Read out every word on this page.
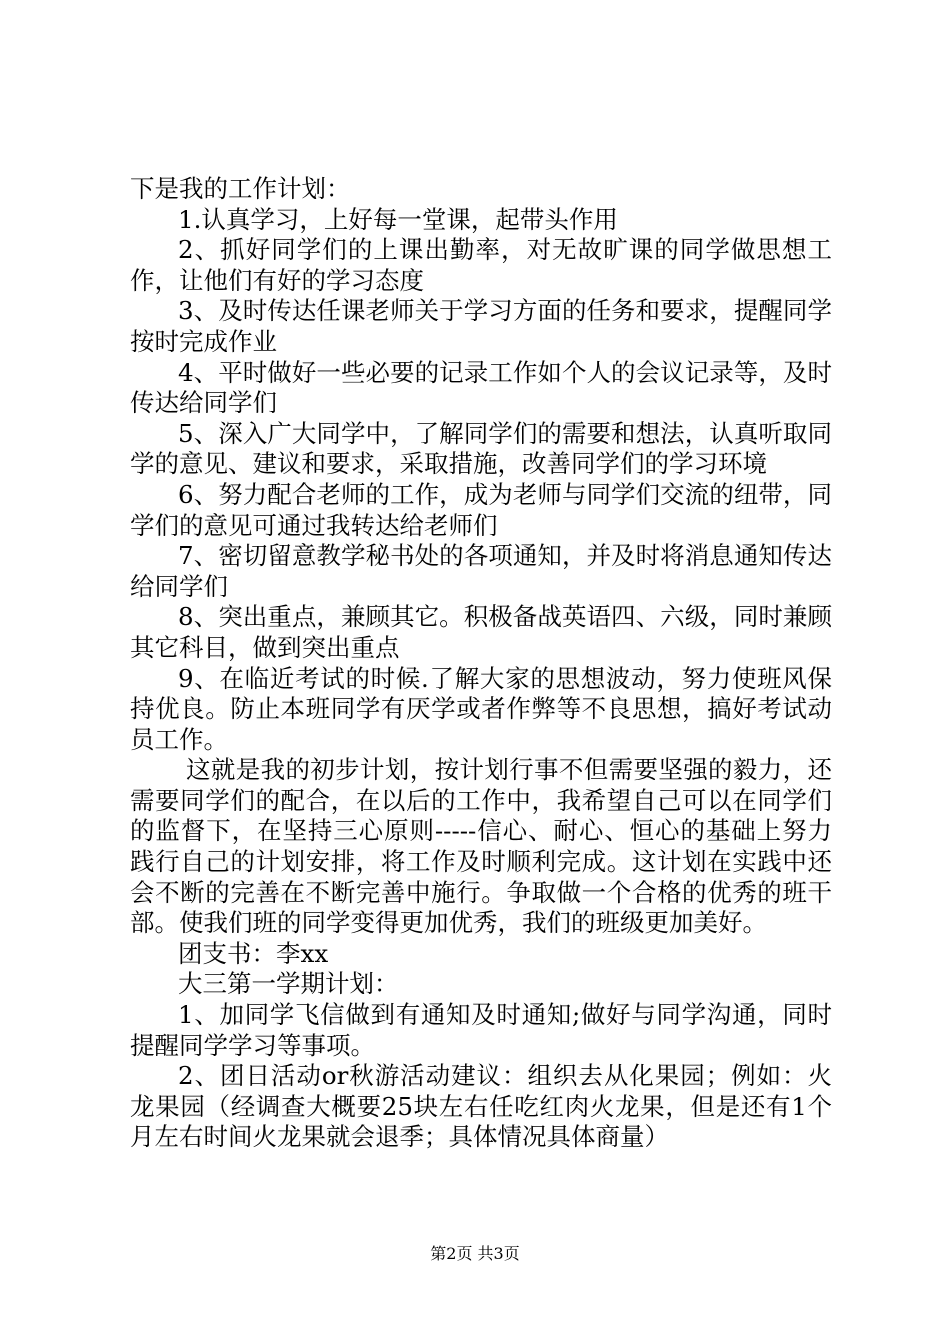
下是我的工作计划：

1.认真学习，上好每一堂课，起带头作用

2、抓好同学们的上课出勤率，对无故旷课的同学做思想工作，让他们有好的学习态度

3、及时传达任课老师关于学习方面的任务和要求，提醒同学按时完成作业

4、平时做好一些必要的记录工作如个人的会议记录等，及时传达给同学们

5、深入广大同学中，了解同学们的需要和想法，认真听取同学的意见、建议和要求，采取措施，改善同学们的学习环境

6、努力配合老师的工作，成为老师与同学们交流的纽带，同学们的意见可通过我转达给老师们

7、密切留意教学秘书处的各项通知，并及时将消息通知传达给同学们

8、突出重点，兼顾其它。积极备战英语四、六级，同时兼顾其它科目，做到突出重点

9、在临近考试的时候.了解大家的思想波动，努力使班风保持优良。防止本班同学有厌学或者作弊等不良思想，搞好考试动员工作。

这就是我的初步计划，按计划行事不但需要坚强的毅力，还需要同学们的配合，在以后的工作中，我希望自己可以在同学们的监督下，在坚持三心原则-----信心、耐心、恒心的基础上努力践行自己的计划安排，将工作及时顺利完成。这计划在实践中还会不断的完善在不断完善中施行。争取做一个合格的优秀的班干部。使我们班的同学变得更加优秀，我们的班级更加美好。

团支书：李xx

大三第一学期计划：

1、加同学飞信做到有通知及时通知;做好与同学沟通，同时提醒同学学习等事项。

2、团日活动or秋游活动建议：组织去从化果园；例如：火龙果园（经调查大概要25块左右任吃红肉火龙果，但是还有1个月左右时间火龙果就会退季；具体情况具体商量）

第2页 共3页
